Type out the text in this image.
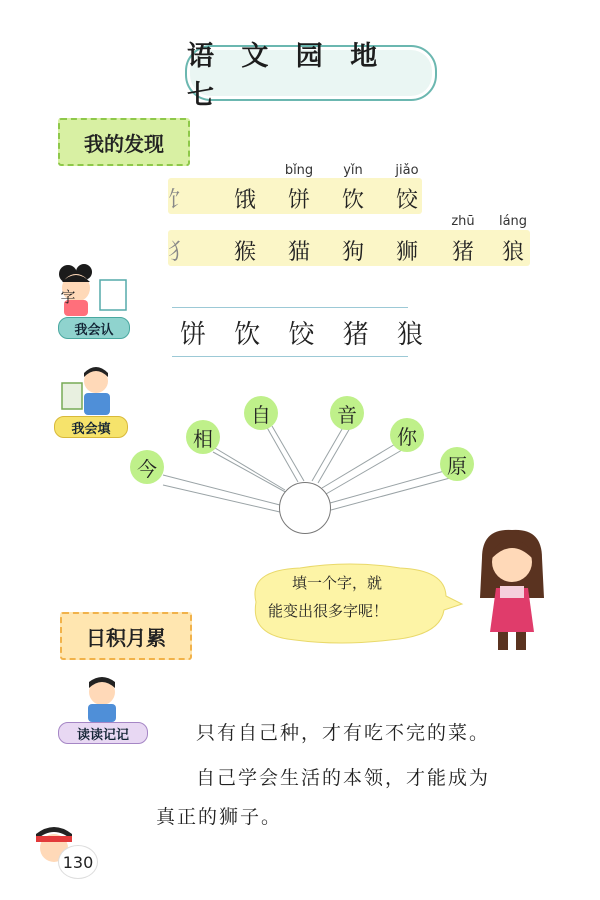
语 文 园 地 七
我的发现
饣 饿 饼 饮 饺
bǐng	yǐn	jiǎo
犭 猴 猫 狗 狮 猪 狼
zhū	láng
字
我会认	饼 饮 饺 猪 狼
我会填
今
相
自	音
你
原
填一个字，就
能变出很多字呢！
日积月累
读读记记	只有自己种，才有吃不完的菜。
自己学会生活的本领，才能成为
真正的狮子。
130
